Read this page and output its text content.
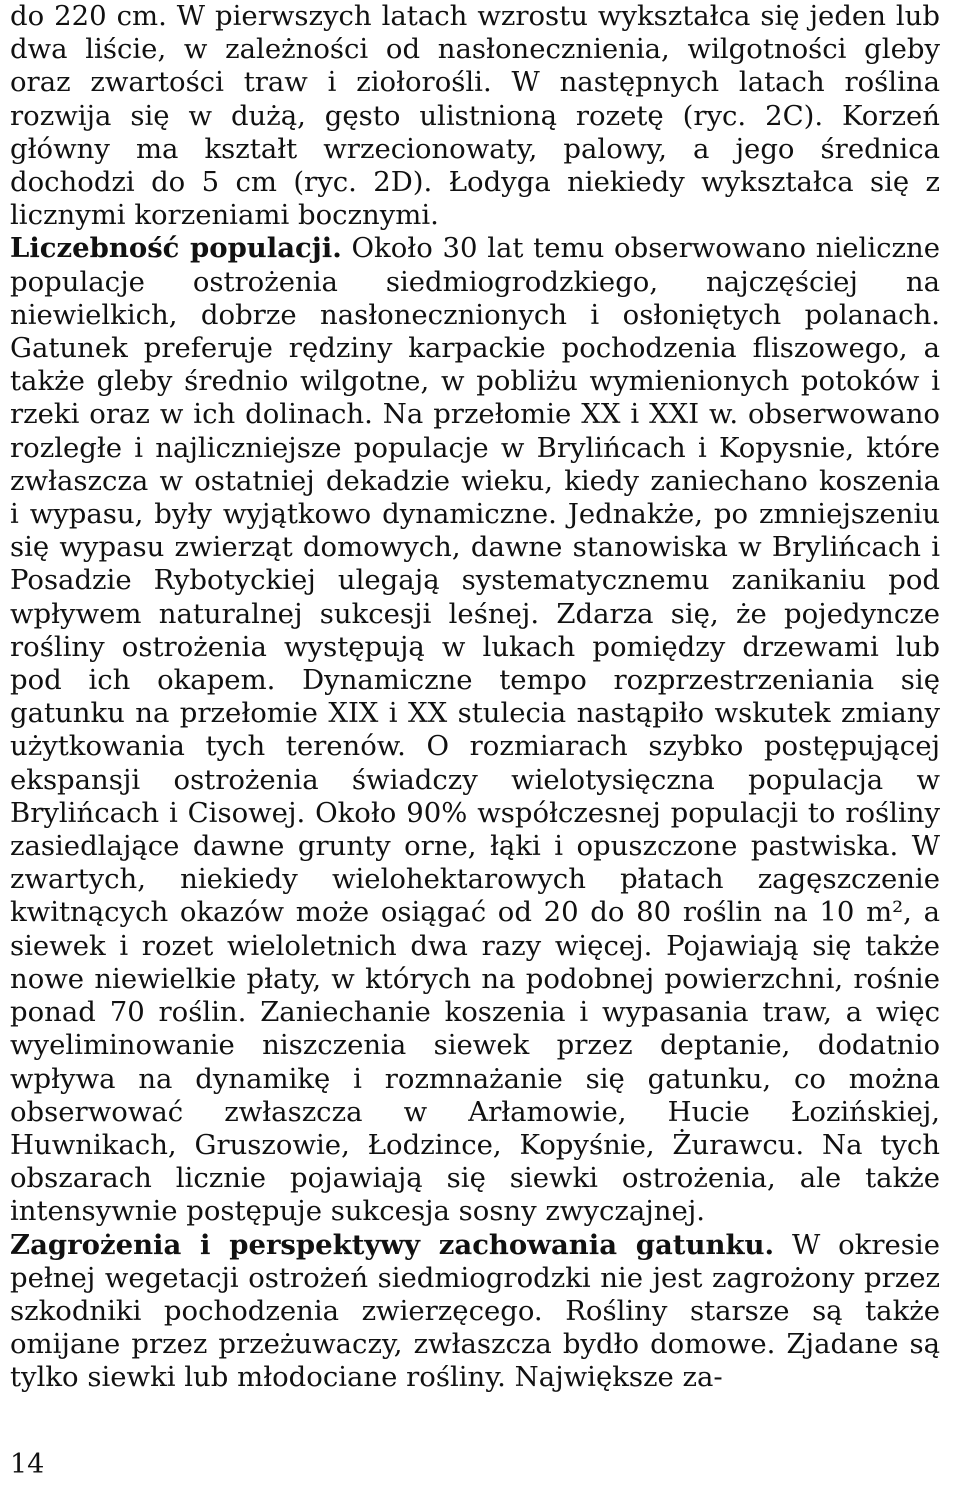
do 220 cm. W pierwszych latach wzrostu wykształca się jeden lub dwa liście, w zależności od nasłonecznienia, wilgotności gleby oraz zwartości traw i ziołorośli. W następnych latach roślina rozwija się w dużą, gęsto ulistnioną rozetę (ryc. 2C). Korzeń główny ma kształt wrzecionowaty, palowy, a jego średnica dochodzi do 5 cm (ryc. 2D). Łodyga niekiedy wykształca się z licznymi korzeniami bocznymi.

Liczebność populacji. Około 30 lat temu obserwowano nieliczne populacje ostrożenia siedmiogrodzkiego, najczęściej na niewielkich, dobrze nasłonecznionych i osłoniętych polanach. Gatunek preferuje rędziny karpackie pochodzenia fliszowego, a także gleby średnio wilgotne, w pobliżu wymienionych potoków i rzeki oraz w ich dolinach. Na przełomie XX i XXI w. obserwowano rozległe i najliczniejsze populacje w Brylińcach i Kopysnie, które zwłaszcza w ostatniej dekadzie wieku, kiedy zaniechano koszenia i wypasu, były wyjątkowo dynamiczne. Jednakże, po zmniejszeniu się wypasu zwierząt domowych, dawne stanowiska w Brylińcach i Posadzie Rybotyckiej ulegają systematycznemu zanikaniu pod wpływem naturalnej sukcesji leśnej. Zdarza się, że pojedyncze rośliny ostrożenia występują w lukach pomiędzy drzewami lub pod ich okapem. Dynamiczne tempo rozprzestrzeniania się gatunku na przełomie XIX i XX stulecia nastąpiło wskutek zmiany użytkowania tych terenów. O rozmiarach szybko postępującej ekspansji ostrożenia świadczy wielotysięczna populacja w Brylińcach i Cisowej. Około 90% współczesnej populacji to rośliny zasiedlające dawne grunty orne, łąki i opuszczone pastwiska. W zwartych, niekiedy wielohektarowych płatach zagęszczenie kwitnących okazów może osiągać od 20 do 80 roślin na 10 m², a siewek i rozet wieloletnich dwa razy więcej. Pojawiają się także nowe niewielkie płaty, w których na podobnej powierzchni, rośnie ponad 70 roślin. Zaniechanie koszenia i wypasania traw, a więc wyeliminowanie niszczenia siewek przez deptanie, dodatnio wpływa na dynamikę i rozmnażanie się gatunku, co można obserwować zwłaszcza w Arłamowie, Hucie Łozińskiej, Huwnikach, Gruszowie, Łodzince, Kopyśnie, Żurawcu. Na tych obszarach licznie pojawiają się siewki ostrożenia, ale także intensywnie postępuje sukcesja sosny zwyczajnej.

Zagrożenia i perspektywy zachowania gatunku. W okresie pełnej wegetacji ostrożeń siedmiogrodzki nie jest zagrożony przez szkodniki pochodzenia zwierzęcego. Rośliny starsze są także omijane przez przeżuwaczy, zwłaszcza bydło domowe. Zjadane są tylko siewki lub młodociane rośliny. Największe za-

14
